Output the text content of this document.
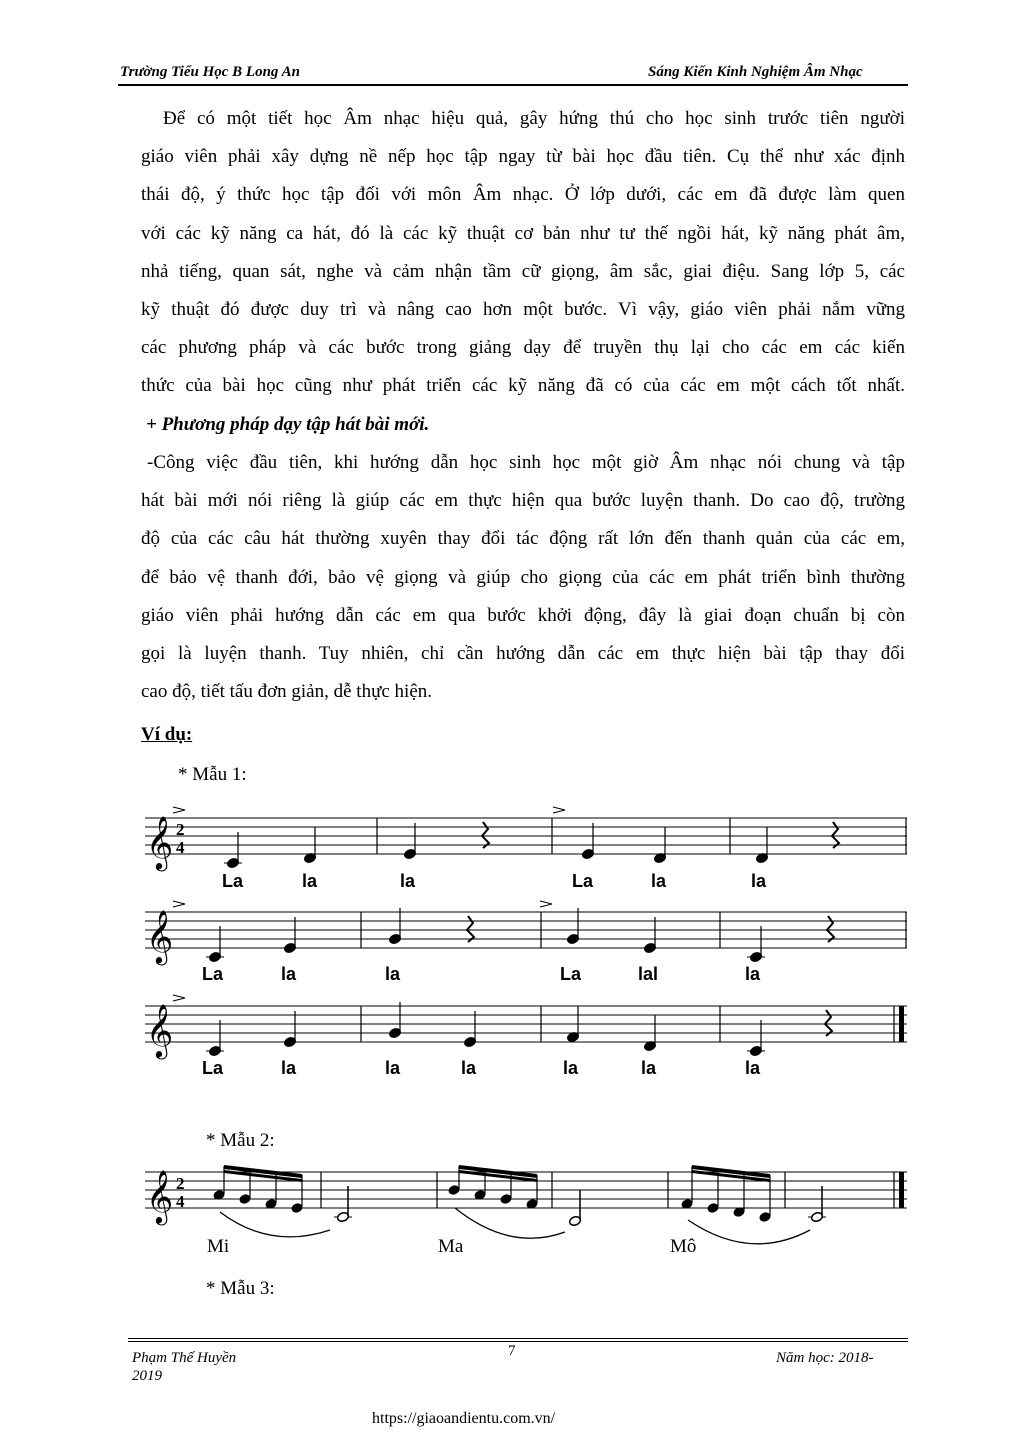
Trường Tiểu Học B Long An	Sáng Kiến Kinh Nghiệm Âm Nhạc
Để có một tiết học Âm nhạc hiệu quả, gây hứng thú cho học sinh trước tiên người
giáo viên phải xây dựng nề nếp học tập ngay từ bài học đầu tiên. Cụ thể như xác định
thái độ, ý thức học tập đối với môn Âm nhạc. Ở lớp dưới, các em đã được làm quen
với các kỹ năng ca hát, đó là các kỹ thuật cơ bản như tư thế ngồi hát, kỹ năng phát âm,
nhả tiếng, quan sát, nghe và cảm nhận tầm cữ giọng, âm sắc, giai điệu. Sang lớp 5, các
kỹ thuật đó được duy trì và nâng cao hơn một bước. Vì vậy, giáo viên phải nắm vững
các phương pháp và các bước trong giảng dạy để truyền thụ lại cho các em các kiến
thức của bài học cũng như phát triển các kỹ năng đã có của các em một cách tốt nhất.
+ Phương pháp dạy tập hát bài mới.
-Công việc đầu tiên, khi hướng dẫn học sinh học một giờ Âm nhạc nói chung và tập
hát bài mới nói riêng là giúp các em thực hiện qua bước luyện thanh. Do cao độ, trường
độ của các câu hát thường xuyên thay đổi tác động rất lớn đến thanh quản của các em,
để bảo vệ thanh đới, bảo vệ giọng và giúp cho giọng của các em phát triển bình thường
giáo viên phải hướng dẫn các em qua bước khởi động, đây là giai đoạn chuẩn bị còn
gọi là luyện thanh. Tuy nhiên, chỉ cần hướng dẫn các em thực hiện bài tập thay đổi
cao độ, tiết tấu đơn giản, dễ thực hiện.
Ví dụ:
* Mẫu 1:
* Mẫu 2:
* Mẫu 3:
𝄞
𝄞
𝄞
𝄞
2
4
2
4
La	la	la	La	la	la
La	la	la	La	lal	la
La	la	la	la	la	la	la
Mi	Ma	Mô
Phạm Thế Huyền	7	Năm học: 2018-
2019
https://giaoandientu.com.vn/
